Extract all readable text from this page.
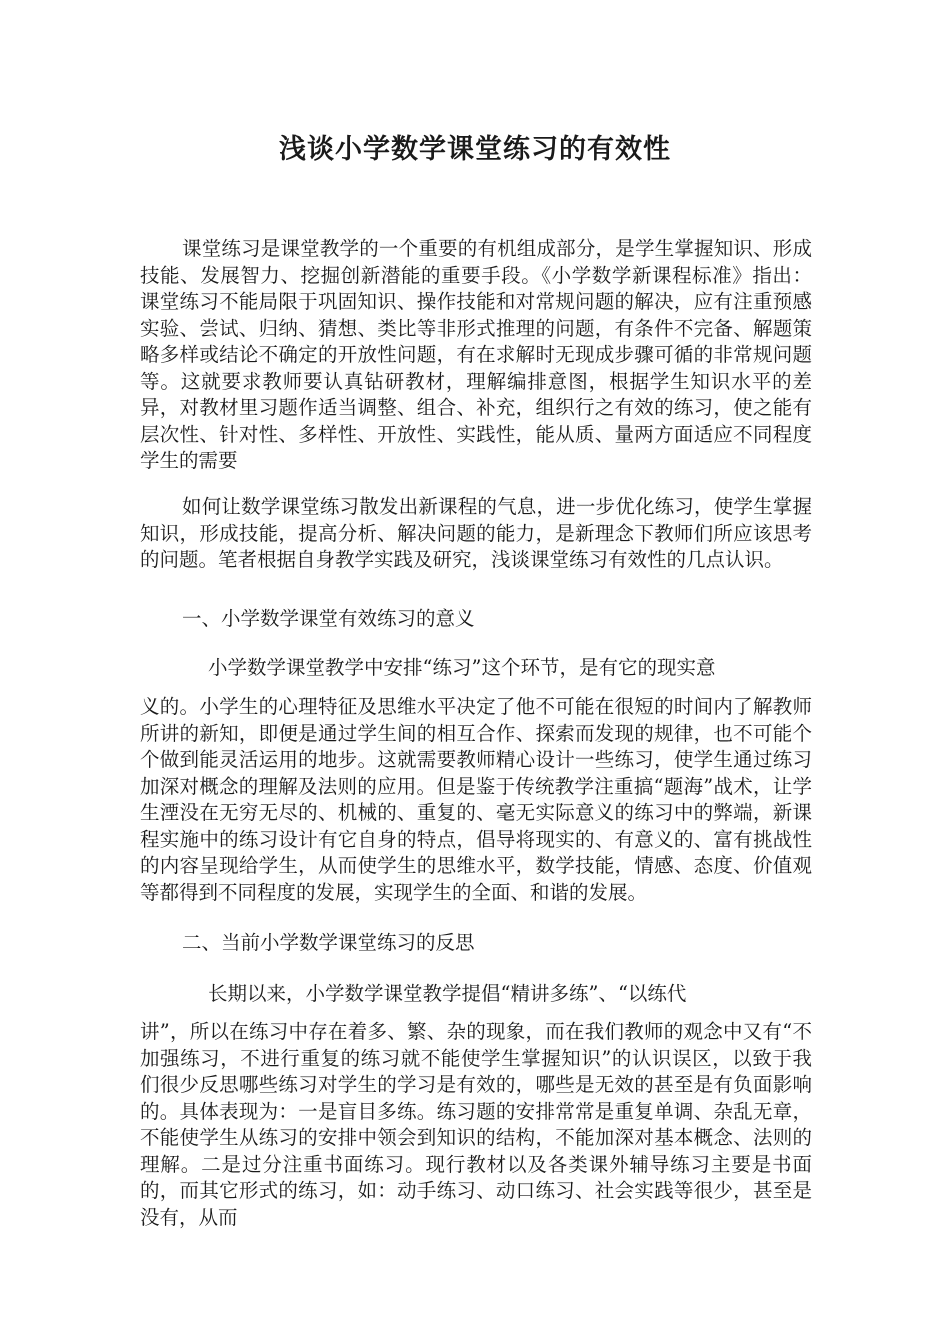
浅谈小学数学课堂练习的有效性

课堂练习是课堂教学的一个重要的有机组成部分，是学生掌握知识、形成技能、发展智力、挖掘创新潜能的重要手段。《小学数学新课程标准》指出：课堂练习不能局限于巩固知识、操作技能和对常规问题的解决，应有注重预感实验、尝试、归纳、猜想、类比等非形式推理的问题，有条件不完备、解题策略多样或结论不确定的开放性问题，有在求解时无现成步骤可循的非常规问题等。这就要求教师要认真钻研教材，理解编排意图，根据学生知识水平的差异，对教材里习题作适当调整、组合、补充，组织行之有效的练习，使之能有层次性、针对性、多样性、开放性、实践性，能从质、量两方面适应不同程度学生的需要

如何让数学课堂练习散发出新课程的气息，进一步优化练习，使学生掌握知识，形成技能，提高分析、解决问题的能力，是新理念下教师们所应该思考的问题。笔者根据自身教学实践及研究，浅谈课堂练习有效性的几点认识。

一、小学数学课堂有效练习的意义

小学数学课堂教学中安排“练习”这个环节，是有它的现实意

义的。小学生的心理特征及思维水平决定了他不可能在很短的时间内了解教师所讲的新知，即便是通过学生间的相互合作、探索而发现的规律，也不可能个个做到能灵活运用的地步。这就需要教师精心设计一些练习，使学生通过练习加深对概念的理解及法则的应用。但是鉴于传统教学注重搞“题海”战术，让学生湮没在无穷无尽的、机械的、重复的、毫无实际意义的练习中的弊端，新课程实施中的练习设计有它自身的特点，倡导将现实的、有意义的、富有挑战性的内容呈现给学生，从而使学生的思维水平，数学技能，情感、态度、价值观等都得到不同程度的发展，实现学生的全面、和谐的发展。

二、当前小学数学课堂练习的反思

长期以来，小学数学课堂教学提倡“精讲多练”、“以练代

讲”，所以在练习中存在着多、繁、杂的现象，而在我们教师的观念中又有“不加强练习，不进行重复的练习就不能使学生掌握知识”的认识误区，以致于我们很少反思哪些练习对学生的学习是有效的，哪些是无效的甚至是有负面影响的。具体表现为：一是盲目多练。练习题的安排常常是重复单调、杂乱无章，不能使学生从练习的安排中领会到知识的结构，不能加深对基本概念、法则的理解。二是过分注重书面练习。现行教材以及各类课外辅导练习主要是书面的，而其它形式的练习，如：动手练习、动口练习、社会实践等很少，甚至是没有，从而
